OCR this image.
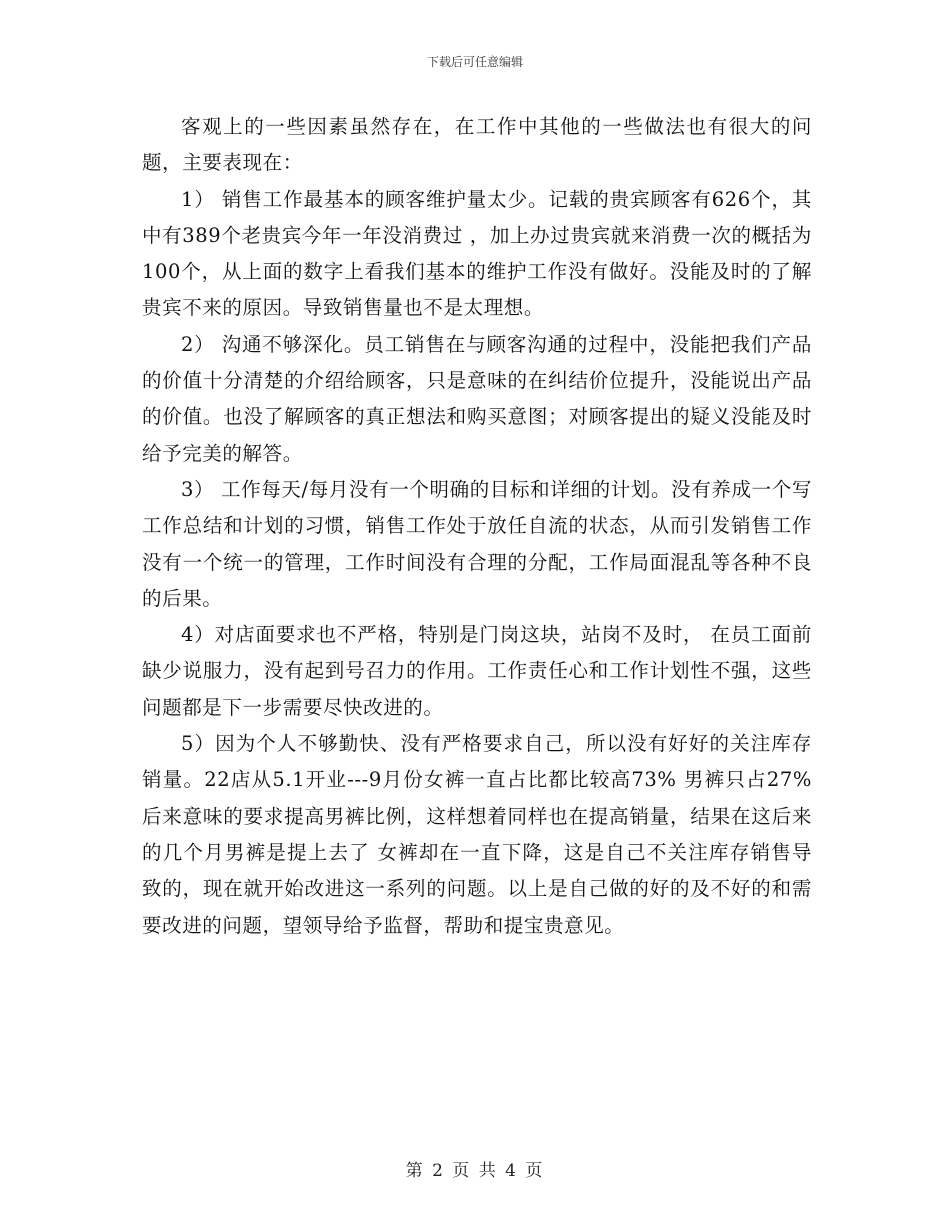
下载后可任意编辑

客观上的一些因素虽然存在，在工作中其他的一些做法也有很大的问题，主要表现在：

1） 销售工作最基本的顾客维护量太少。记载的贵宾顾客有626个，其中有389个老贵宾今年一年没消费过 ，加上办过贵宾就来消费一次的概括为100个，从上面的数字上看我们基本的维护工作没有做好。没能及时的了解贵宾不来的原因。导致销售量也不是太理想。

2） 沟通不够深化。员工销售在与顾客沟通的过程中，没能把我们产品的价值十分清楚的介绍给顾客，只是意味的在纠结价位提升，没能说出产品的价值。也没了解顾客的真正想法和购买意图；对顾客提出的疑义没能及时给予完美的解答。

3） 工作每天/每月没有一个明确的目标和详细的计划。没有养成一个写工作总结和计划的习惯，销售工作处于放任自流的状态，从而引发销售工作没有一个统一的管理，工作时间没有合理的分配，工作局面混乱等各种不良的后果。

4）对店面要求也不严格，特别是门岗这块，站岗不及时， 在员工面前缺少说服力，没有起到号召力的作用。工作责任心和工作计划性不强，这些问题都是下一步需要尽快改进的。

5）因为个人不够勤快、没有严格要求自己，所以没有好好的关注库存销量。22店从5.1开业---9月份女裤一直占比都比较高73% 男裤只占27% 后来意味的要求提高男裤比例，这样想着同样也在提高销量，结果在这后来的几个月男裤是提上去了 女裤却在一直下降，这是自己不关注库存销售导致的，现在就开始改进这一系列的问题。以上是自己做的好的及不好的和需要改进的问题，望领导给予监督，帮助和提宝贵意见。

第 2 页 共 4 页
